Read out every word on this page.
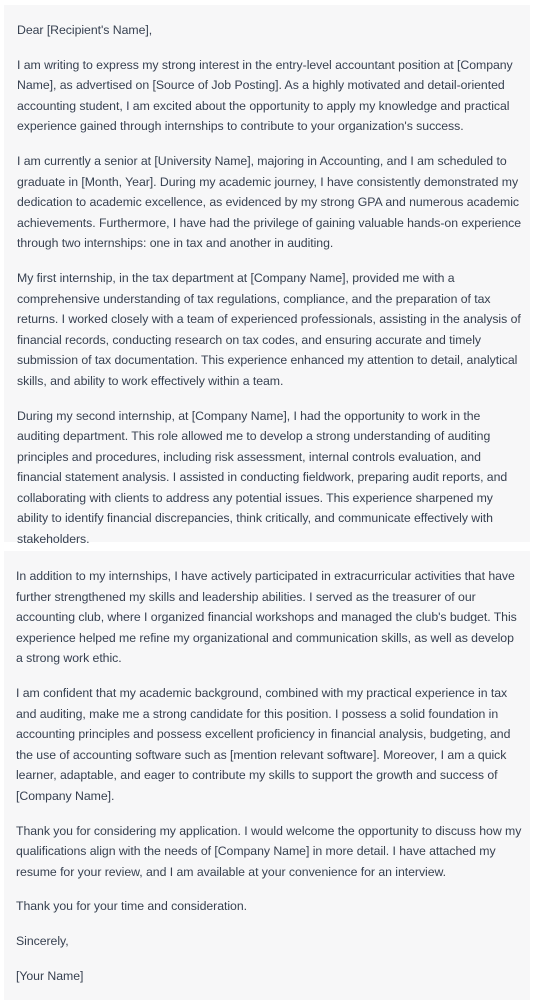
Dear [Recipient's Name],

I am writing to express my strong interest in the entry-level accountant position at [Company Name], as advertised on [Source of Job Posting]. As a highly motivated and detail-oriented accounting student, I am excited about the opportunity to apply my knowledge and practical experience gained through internships to contribute to your organization's success.

I am currently a senior at [University Name], majoring in Accounting, and I am scheduled to graduate in [Month, Year]. During my academic journey, I have consistently demonstrated my dedication to academic excellence, as evidenced by my strong GPA and numerous academic achievements. Furthermore, I have had the privilege of gaining valuable hands-on experience through two internships: one in tax and another in auditing.

My first internship, in the tax department at [Company Name], provided me with a comprehensive understanding of tax regulations, compliance, and the preparation of tax returns. I worked closely with a team of experienced professionals, assisting in the analysis of financial records, conducting research on tax codes, and ensuring accurate and timely submission of tax documentation. This experience enhanced my attention to detail, analytical skills, and ability to work effectively within a team.

During my second internship, at [Company Name], I had the opportunity to work in the auditing department. This role allowed me to develop a strong understanding of auditing principles and procedures, including risk assessment, internal controls evaluation, and financial statement analysis. I assisted in conducting fieldwork, preparing audit reports, and collaborating with clients to address any potential issues. This experience sharpened my ability to identify financial discrepancies, think critically, and communicate effectively with stakeholders.

In addition to my internships, I have actively participated in extracurricular activities that have further strengthened my skills and leadership abilities. I served as the treasurer of our accounting club, where I organized financial workshops and managed the club's budget. This experience helped me refine my organizational and communication skills, as well as develop a strong work ethic.

I am confident that my academic background, combined with my practical experience in tax and auditing, make me a strong candidate for this position. I possess a solid foundation in accounting principles and possess excellent proficiency in financial analysis, budgeting, and the use of accounting software such as [mention relevant software]. Moreover, I am a quick learner, adaptable, and eager to contribute my skills to support the growth and success of [Company Name].

Thank you for considering my application. I would welcome the opportunity to discuss how my qualifications align with the needs of [Company Name] in more detail. I have attached my resume for your review, and I am available at your convenience for an interview.

Thank you for your time and consideration.

Sincerely,

[Your Name]
